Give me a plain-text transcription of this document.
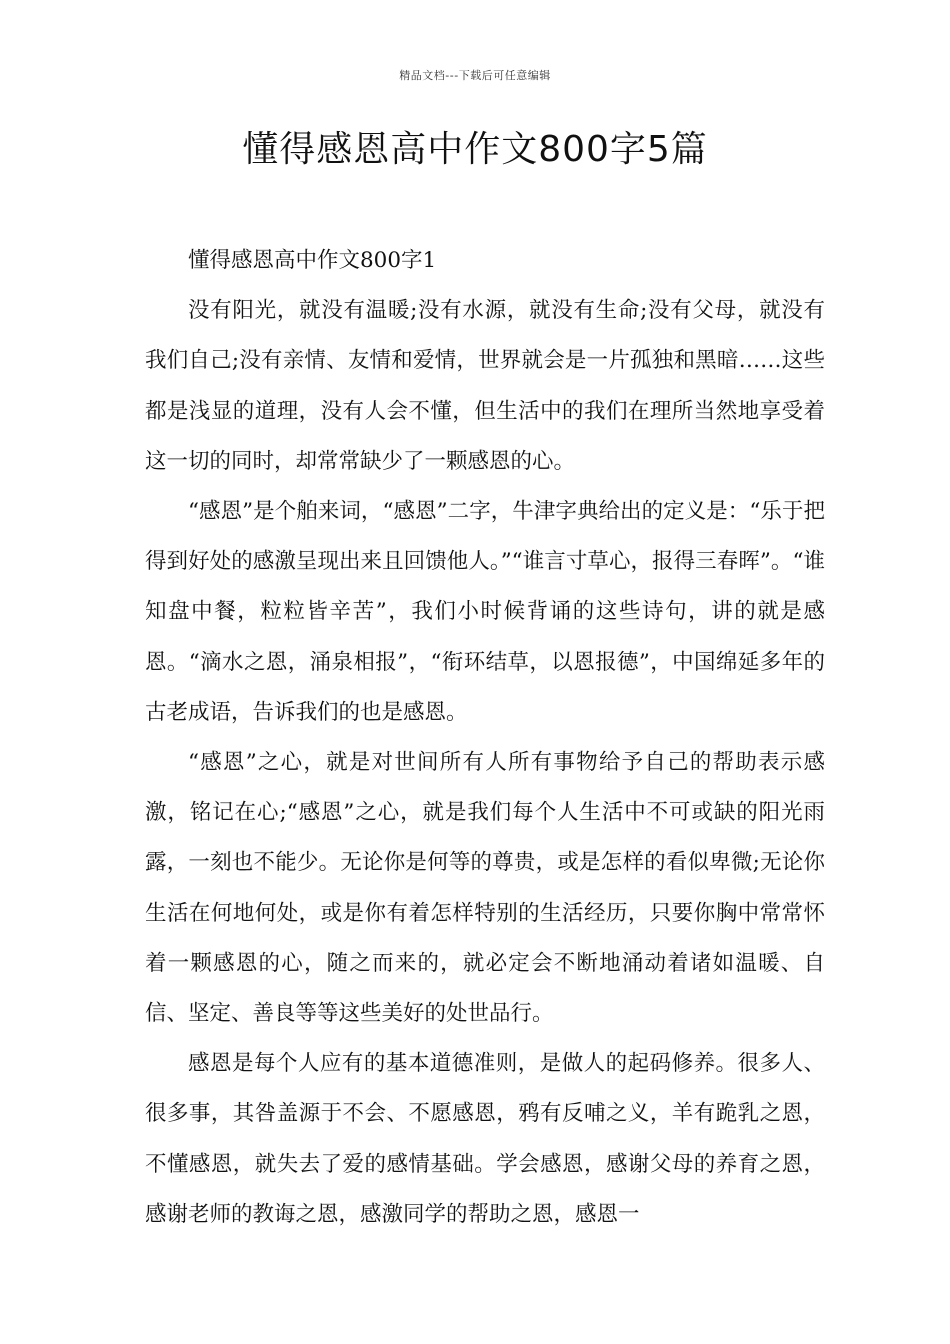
精品文档---下载后可任意编辑
懂得感恩高中作文800字5篇

懂得感恩高中作文800字1

没有阳光，就没有温暖;没有水源，就没有生命;没有父母，就没有我们自己;没有亲情、友情和爱情，世界就会是一片孤独和黑暗……这些都是浅显的道理，没有人会不懂，但生活中的我们在理所当然地享受着这一切的同时，却常常缺少了一颗感恩的心。

“感恩”是个舶来词，“感恩”二字，牛津字典给出的定义是：“乐于把得到好处的感激呈现出来且回馈他人。”“谁言寸草心，报得三春晖”。“谁知盘中餐，粒粒皆辛苦”，我们小时候背诵的这些诗句，讲的就是感恩。“滴水之恩，涌泉相报”，“衔环结草，以恩报德”，中国绵延多年的古老成语，告诉我们的也是感恩。

“感恩”之心，就是对世间所有人所有事物给予自己的帮助表示感激，铭记在心;“感恩”之心，就是我们每个人生活中不可或缺的阳光雨露，一刻也不能少。无论你是何等的尊贵，或是怎样的看似卑微;无论你生活在何地何处，或是你有着怎样特别的生活经历，只要你胸中常常怀着一颗感恩的心，随之而来的，就必定会不断地涌动着诸如温暖、自信、坚定、善良等等这些美好的处世品行。

感恩是每个人应有的基本道德准则，是做人的起码修养。很多人、很多事，其咎盖源于不会、不愿感恩，鸦有反哺之义，羊有跪乳之恩，不懂感恩，就失去了爱的感情基础。学会感恩，感谢父母的养育之恩，感谢老师的教诲之恩，感激同学的帮助之恩，感恩一
